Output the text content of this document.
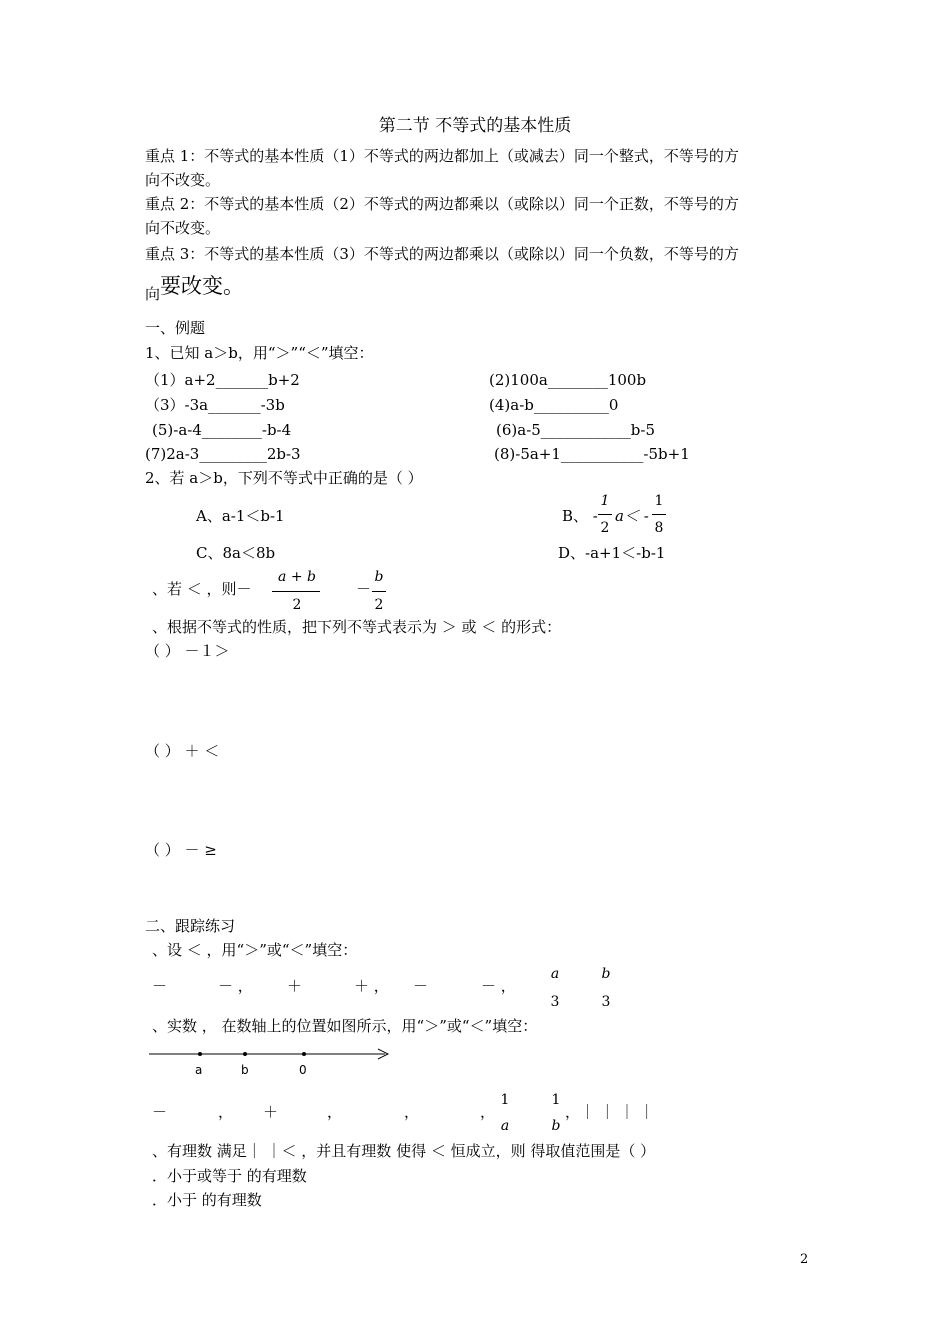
第二节 不等式的基本性质
重点 1：不等式的基本性质（1）不等式的两边都加上（或减去）同一个整式，不等号的方
向不改变。
重点 2：不等式的基本性质（2）不等式的两边都乘以（或除以）同一个正数，不等号的方
向不改变。
重点 3：不等式的基本性质（3）不等式的两边都乘以（或除以）同一个负数，不等号的方
向要改变。
一、例题
1、已知 a＞b，用“＞”“＜”填空：
（1）a+2_______b+2	(2)100a________100b
（3）-3a_______-3b	(4)a-b__________0
(5)-a-4________-b-4	(6)a-5____________b-5
(7)2a-3_________2b-3	(8)-5a+1___________-5b+1
2、若 a＞b，下列不等式中正确的是（ ）
A、a-1＜b-1	B、 -
1
2
a＜ -
1
8
C、8a＜8b	D、-a+1＜-b-1
、若 ＜ ，则－
a + b
2
－
b
2
、根据不等式的性质，把下列不等式表示为 ＞ 或 ＜ 的形式：
（ ） －１＞
（ ） ＋ ＜
（ ） － ≥
二、跟踪练习
、设 ＜ ，用“＞”或“＜”填空：
－	－ ， ＋	＋ ， －	－ ，
a
3
b
3
、实数 ， 在数轴上的位置如图所示，用“＞”或“＜”填空：
a	b	0
－	， ＋	，	，	，
1
a
1
b
，｜ ｜ ｜ ｜
、有理数 满足｜ ｜＜ ，并且有理数 使得 ＜ 恒成立，则 得取值范围是（ ）
．小于或等于 的有理数
．小于 的有理数
2
